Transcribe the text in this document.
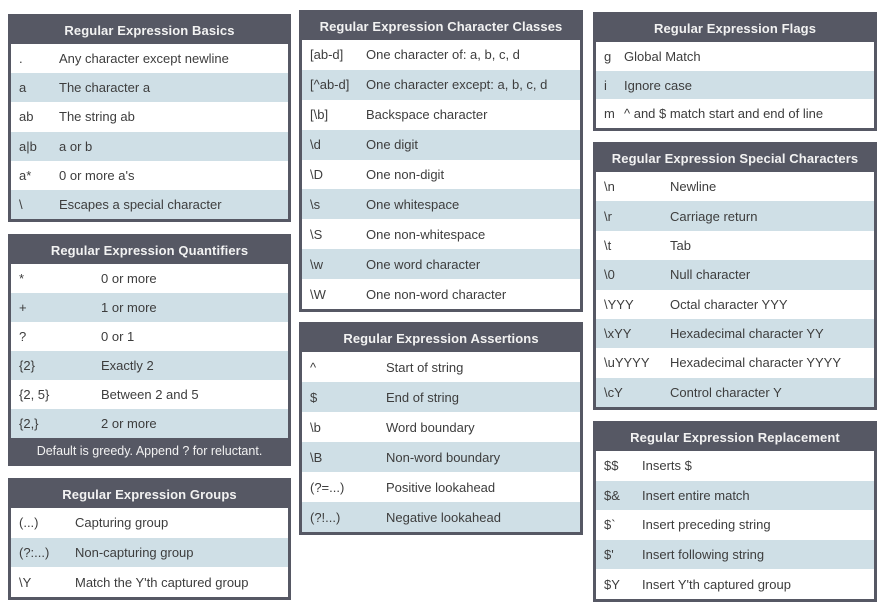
Regular Expression Basics
.	Any character except newline
a	The character a
ab	The string ab
a|b	a or b
a*	0 or more a's
\	Escapes a special character
Regular Expression Quantifiers
*	0 or more
+	1 or more
?	0 or 1
{2}	Exactly 2
{2, 5}	Between 2 and 5
{2,}	2 or more
Default is greedy. Append ? for reluctant.
Regular Expression Groups
(...)	Capturing group
(?:...)	Non-capturing group
\Y	Match the Y'th captured group
Regular Expression Character Classes
[ab-d]	One character of: a, b, c, d
[^ab-d]	One character except: a, b, c, d
[\b]	Backspace character
\d	One digit
\D	One non-digit
\s	One whitespace
\S	One non-whitespace
\w	One word character
\W	One non-word character
Regular Expression Assertions
^	Start of string
$	End of string
\b	Word boundary
\B	Non-word boundary
(?=...)	Positive lookahead
(?!...)	Negative lookahead
Regular Expression Flags
g Global Match
i	Ignore case
m ^ and $ match start and end of line
Regular Expression Special Characters
\n	Newline
\r	Carriage return
\t	Tab
\0	Null character
\YYY	Octal character YYY
\xYY	Hexadecimal character YY
\uYYYY	Hexadecimal character YYYY
\cY	Control character Y
Regular Expression Replacement
$$	Inserts $
$&	Insert entire match
$`	Insert preceding string
$'	Insert following string
$Y	Insert Y'th captured group
